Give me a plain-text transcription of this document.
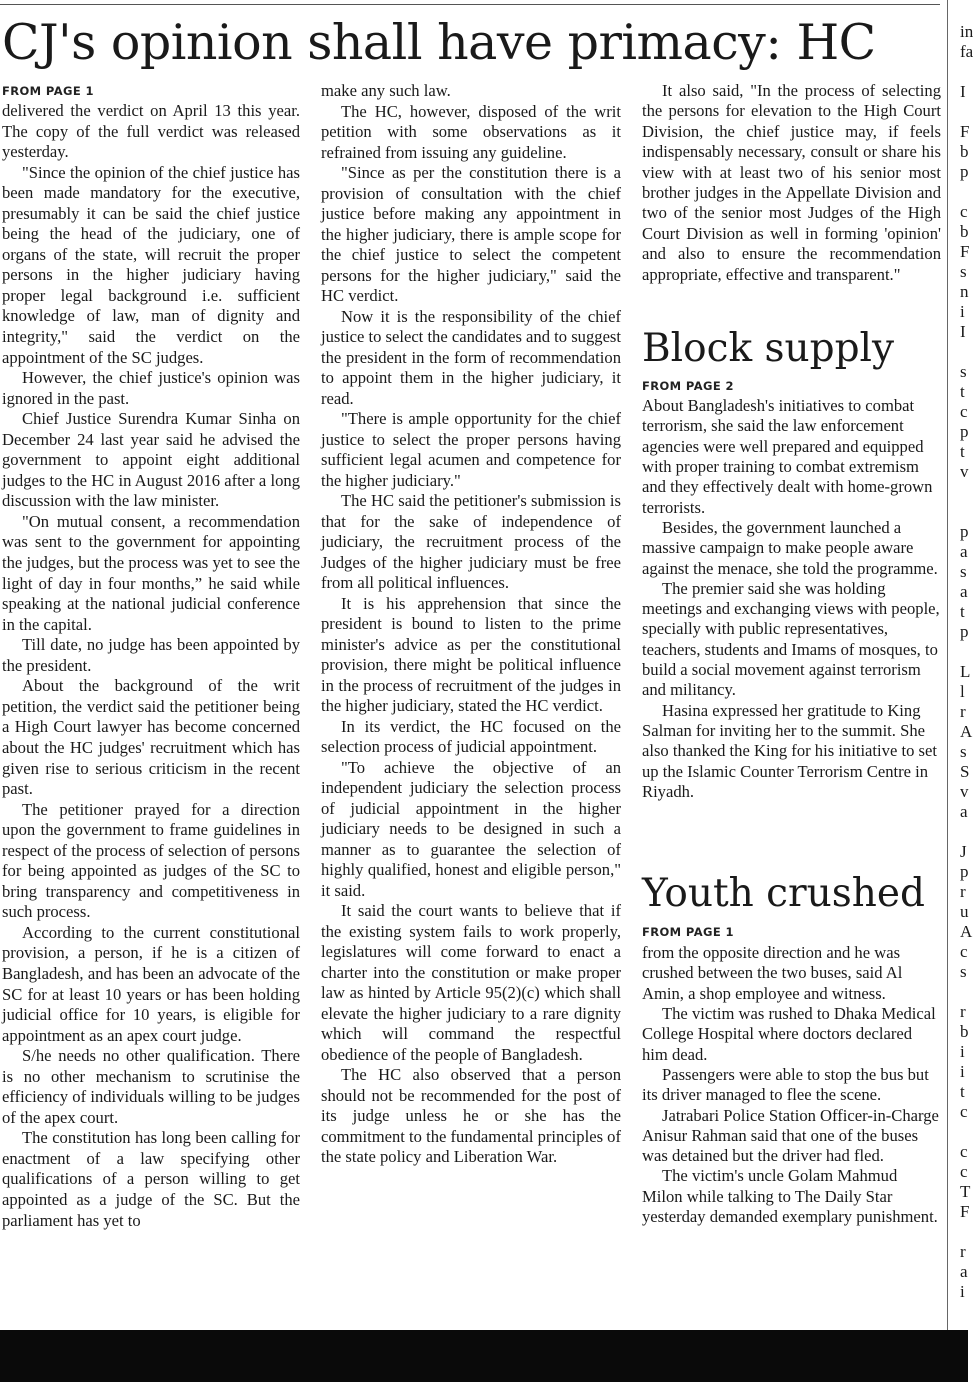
CJ's opinion shall have primacy: HC
FROM PAGE 1

delivered the verdict on April 13 this year. The copy of the full verdict was released yesterday.

"Since the opinion of the chief justice has been made mandatory for the executive, presumably it can be said the chief justice being the head of the judiciary, one of organs of the state, will recruit the proper persons in the higher judiciary having proper legal background i.e. sufficient knowledge of law, man of dignity and integrity," said the verdict on the appointment of the SC judges.

However, the chief justice's opinion was ignored in the past.

Chief Justice Surendra Kumar Sinha on December 24 last year said he advised the government to appoint eight additional judges to the HC in August 2016 after a long discussion with the law minister.

"On mutual consent, a recommendation was sent to the government for appointing the judges, but the process was yet to see the light of day in four months,” he said while speaking at the national judicial conference in the capital.

Till date, no judge has been appointed by the president.

About the background of the writ petition, the verdict said the petitioner being a High Court lawyer has become concerned about the HC judges' recruitment which has given rise to serious criticism in the recent past.

The petitioner prayed for a direction upon the government to frame guidelines in respect of the process of selection of persons for being appointed as judges of the SC to bring transparency and competitiveness in such process.

According to the current constitutional provision, a person, if he is a citizen of Bangladesh, and has been an advocate of the SC for at least 10 years or has been holding judicial office for 10 years, is eligible for appointment as an apex court judge.

S/he needs no other qualification. There is no other mechanism to scrutinise the efficiency of individuals willing to be judges of the apex court.

The constitution has long been calling for enactment of a law specifying other qualifications of a person willing to get appointed as a judge of the SC. But the parliament has yet to

make any such law.

The HC, however, disposed of the writ petition with some observations as it refrained from issuing any guideline.

"Since as per the constitution there is a provision of consultation with the chief justice before making any appointment in the higher judiciary, there is ample scope for the chief justice to select the competent persons for the higher judiciary," said the HC verdict.

Now it is the responsibility of the chief justice to select the candidates and to suggest the president in the form of recommendation to appoint them in the higher judiciary, it read.

"There is ample opportunity for the chief justice to select the proper persons having sufficient legal acumen and competence for the higher judiciary."

The HC said the petitioner's submission is that for the sake of independence of judiciary, the recruitment process of the Judges of the higher judiciary must be free from all political influences.

It is his apprehension that since the president is bound to listen to the prime minister's advice as per the constitutional provision, there might be political influence in the process of recruitment of the judges in the higher judiciary, stated the HC verdict.

In its verdict, the HC focused on the selection process of judicial appointment.

"To achieve the objective of an independent judiciary the selection process of judicial appointment in the higher judiciary needs to be designed in such a manner as to guarantee the selection of highly qualified, honest and eligible person," it said.

It said the court wants to believe that if the existing system fails to work properly, legislatures will come forward to enact a charter into the constitution or make proper law as hinted by Article 95(2)(c) which shall elevate the higher judiciary to a rare dignity which will command the respectful obedience of the people of Bangladesh.

The HC also observed that a person should not be recommended for the post of its judge unless he or she has the commitment to the fundamental principles of the state policy and Liberation War.

It also said, "In the process of selecting the persons for elevation to the High Court Division, the chief justice may, if feels indispensably necessary, consult or share his view with at least two of his senior most brother judges in the Appellate Division and two of the senior most Judges of the High Court Division as well in forming 'opinion' and also to ensure the recommendation appropriate, effective and transparent."

Block supply
FROM PAGE 2

About Bangladesh's initiatives to combat terrorism, she said the law enforcement agencies were well prepared and equipped with proper training to combat extremism and they effectively dealt with home-grown terrorists.

Besides, the government launched a massive campaign to make people aware against the menace, she told the programme.

The premier said she was holding meetings and exchanging views with people, specially with public representatives, teachers, students and Imams of mosques, to build a social movement against terrorism and militancy.

Hasina expressed her gratitude to King Salman for inviting her to the summit. She also thanked the King for his initiative to set up the Islamic Counter Terrorism Centre in Riyadh.

Youth crushed
FROM PAGE 1

from the opposite direction and he was crushed between the two buses, said Al Amin, a shop employee and witness.

The victim was rushed to Dhaka Medical College Hospital where doctors declared him dead.

Passengers were able to stop the bus but its driver managed to flee the scene.

Jatrabari Police Station Officer-in-Charge Anisur Rahman said that one of the buses was detained but the driver had fled.

The victim's uncle Golam Mahmud Milon while talking to The Daily Star yesterday demanded exemplary punishment.

in
fa
I
F
b
p
c
b
F
s
n
i
I
s
t
c
p
t
v
p
a
s
a
t
p
L
l
r
A
s
S
v
a
J
p
r
u
A
c
s
r
b
i
i
t
c
c
c
T
F
r
a
i
